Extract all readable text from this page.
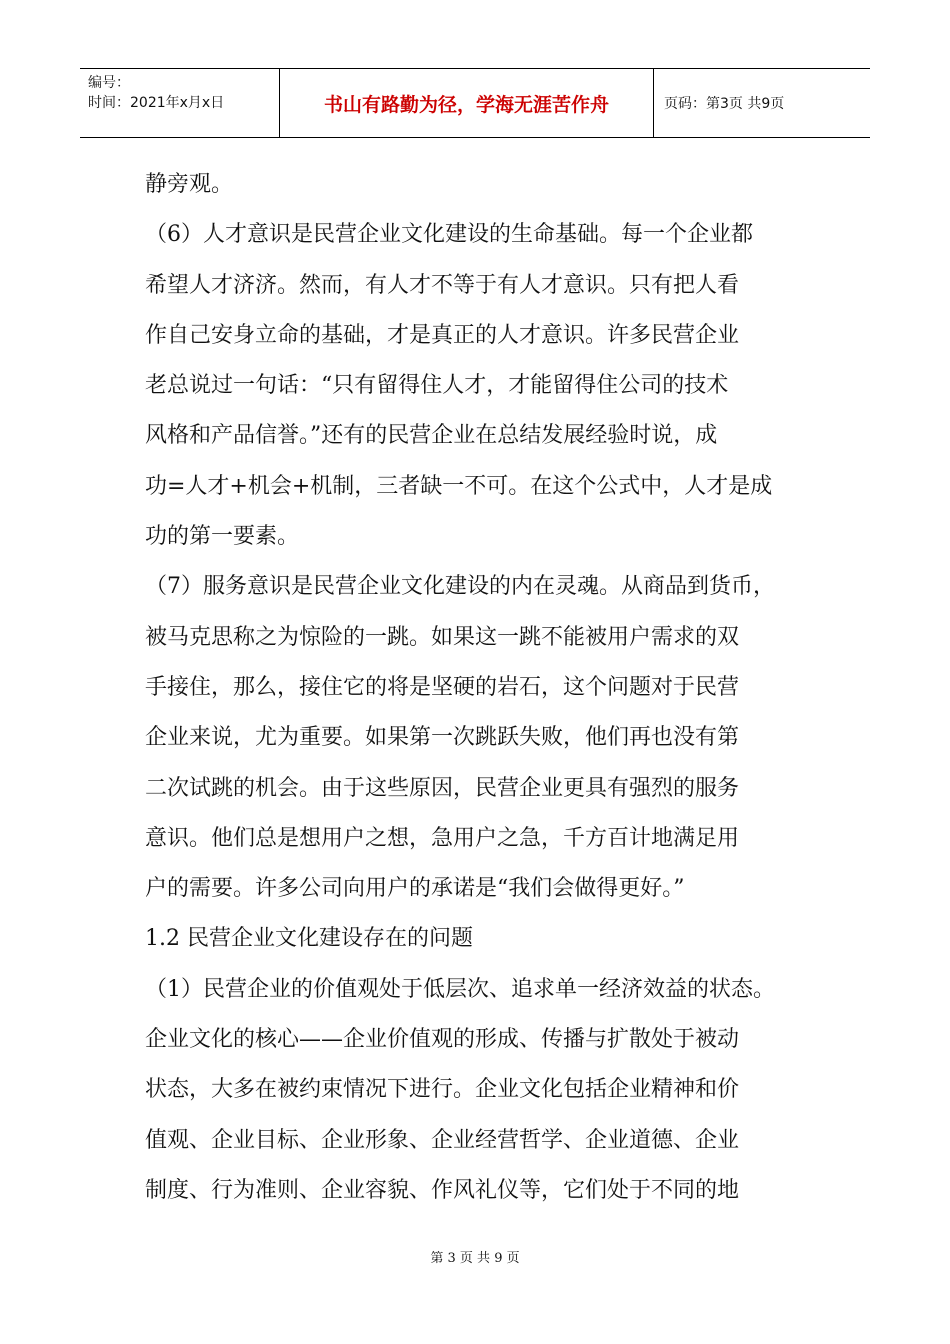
编号：
时间：2021年x月x日	书山有路勤为径，学海无涯苦作舟	页码：第3页 共9页
静旁观。
（6）人才意识是民营企业文化建设的生命基础。每一个企业都
希望人才济济。然而，有人才不等于有人才意识。只有把人看
作自己安身立命的基础，才是真正的人才意识。许多民营企业
老总说过一句话：“只有留得住人才，才能留得住公司的技术
风格和产品信誉。”还有的民营企业在总结发展经验时说，成
功=人才+机会+机制，三者缺一不可。在这个公式中，人才是成
功的第一要素。
（7）服务意识是民营企业文化建设的内在灵魂。从商品到货币，
被马克思称之为惊险的一跳。如果这一跳不能被用户需求的双
手接住，那么，接住它的将是坚硬的岩石，这个问题对于民营
企业来说，尤为重要。如果第一次跳跃失败，他们再也没有第
二次试跳的机会。由于这些原因，民营企业更具有强烈的服务
意识。他们总是想用户之想，急用户之急，千方百计地满足用
户的需要。许多公司向用户的承诺是“我们会做得更好。”
1.2 民营企业文化建设存在的问题
（1）民营企业的价值观处于低层次、追求单一经济效益的状态。
企业文化的核心——企业价值观的形成、传播与扩散处于被动
状态，大多在被约束情况下进行。企业文化包括企业精神和价
值观、企业目标、企业形象、企业经营哲学、企业道德、企业
制度、行为准则、企业容貌、作风礼仪等，它们处于不同的地
第 3 页 共 9 页
